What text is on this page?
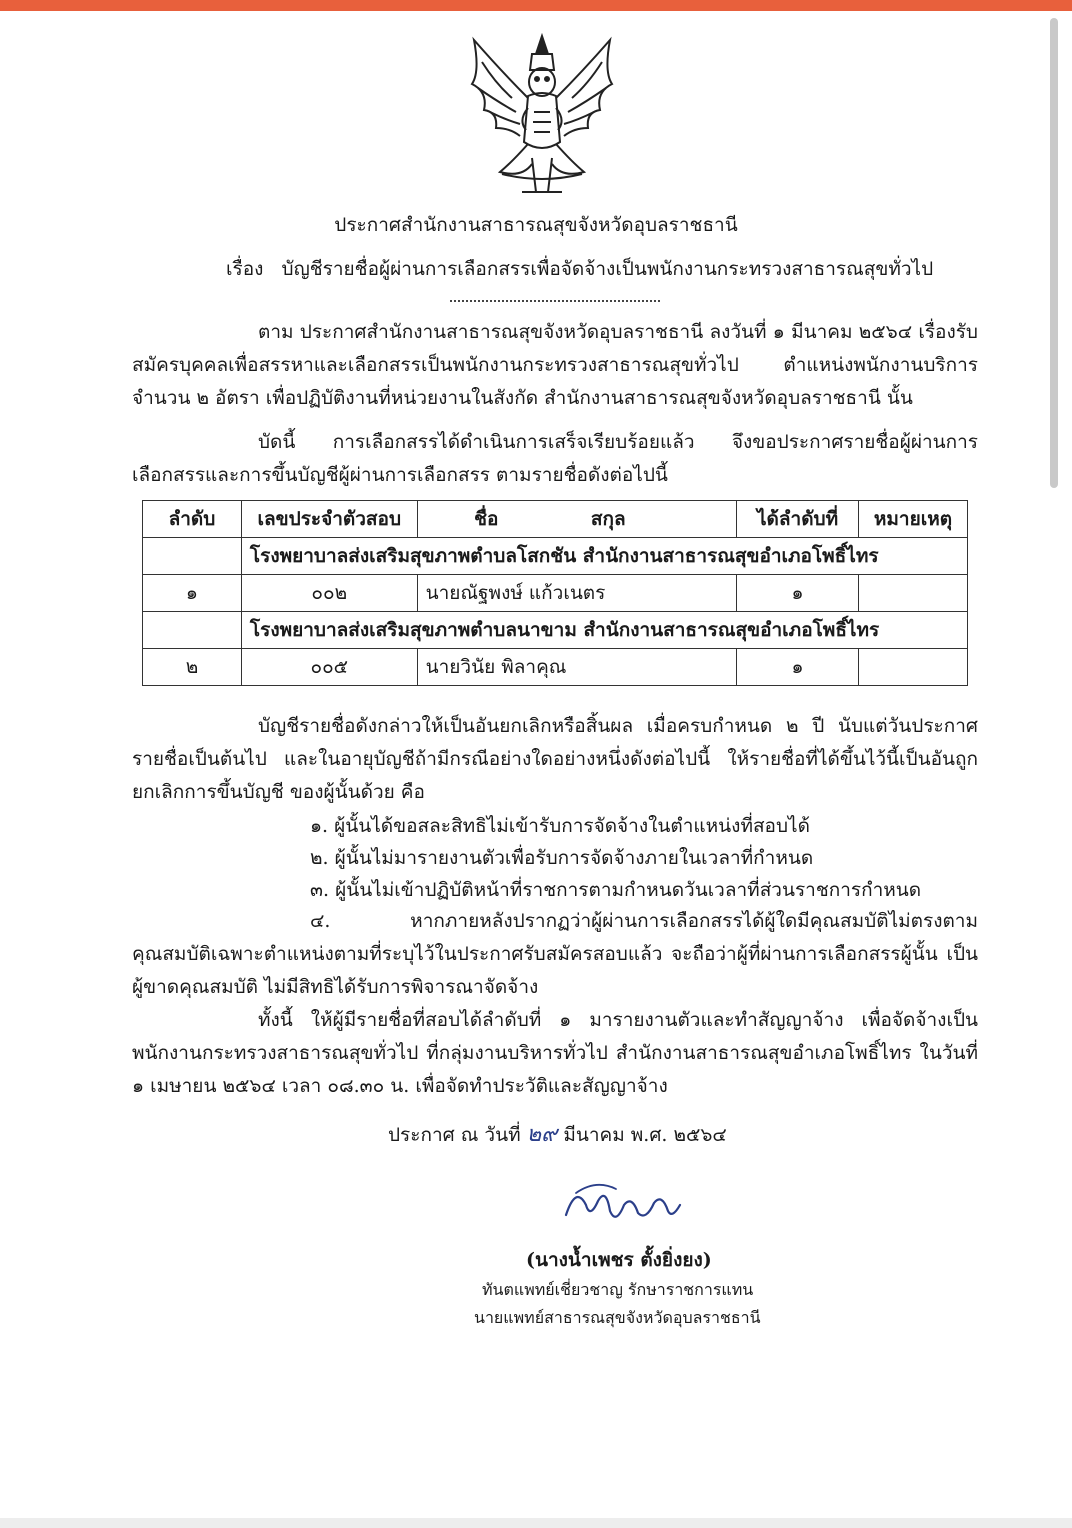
ประกาศสำนักงานสาธารณสุขจังหวัดอุบลราชธานี
เรื่อง บัญชีรายชื่อผู้ผ่านการเลือกสรรเพื่อจัดจ้างเป็นพนักงานกระทรวงสาธารณสุขทั่วไป
ตาม ประกาศสำนักงานสาธารณสุขจังหวัดอุบลราชธานี ลงวันที่ ๑ มีนาคม ๒๕๖๔ เรื่องรับสมัครบุคคลเพื่อสรรหาและเลือกสรรเป็นพนักงานกระทรวงสาธารณสุขทั่วไป ตำแหน่งพนักงานบริการ จำนวน ๒ อัตรา เพื่อปฏิบัติงานที่หน่วยงานในสังกัด สำนักงานสาธารณสุขจังหวัดอุบลราชธานี นั้น
บัดนี้ การเลือกสรรได้ดำเนินการเสร็จเรียบร้อยแล้ว จึงขอประกาศรายชื่อผู้ผ่านการเลือกสรรและการขึ้นบัญชีผู้ผ่านการเลือกสรร ตามรายชื่อดังต่อไปนี้
ลำดับ	เลขประจำตัวสอบ	ชื่อ	สกุล	ได้ลำดับที่	หมายเหตุ
	โรงพยาบาลส่งเสริมสุขภาพตำบลโสกชัน สำนักงานสาธารณสุขอำเภอโพธิ์ไทร				
๑	๐๐๒	นายณัฐพงษ์ แก้วเนตร		๑	
	โรงพยาบาลส่งเสริมสุขภาพตำบลนาขาม สำนักงานสาธารณสุขอำเภอโพธิ์ไทร				
๒	๐๐๕	นายวินัย พิลาคุณ		๑	
บัญชีรายชื่อดังกล่าวให้เป็นอันยกเลิกหรือสิ้นผล เมื่อครบกำหนด ๒ ปี นับแต่วันประกาศรายชื่อเป็นต้นไป และในอายุบัญชีถ้ามีกรณีอย่างใดอย่างหนึ่งดังต่อไปนี้ ให้รายชื่อที่ได้ขึ้นไว้นี้เป็นอันถูกยกเลิกการขึ้นบัญชี ของผู้นั้นด้วย คือ
๑. ผู้นั้นได้ขอสละสิทธิไม่เข้ารับการจัดจ้างในตำแหน่งที่สอบได้
๒. ผู้นั้นไม่มารายงานตัวเพื่อรับการจัดจ้างภายในเวลาที่กำหนด
๓. ผู้นั้นไม่เข้าปฏิบัติหน้าที่ราชการตามกำหนดวันเวลาที่ส่วนราชการกำหนด
๔. หากภายหลังปรากฏว่าผู้ผ่านการเลือกสรรได้ผู้ใดมีคุณสมบัติไม่ตรงตามคุณสมบัติเฉพาะตำแหน่งตามที่ระบุไว้ในประกาศรับสมัครสอบแล้ว จะถือว่าผู้ที่ผ่านการเลือกสรรผู้นั้น เป็นผู้ขาดคุณสมบัติ ไม่มีสิทธิได้รับการพิจารณาจัดจ้าง
ทั้งนี้ ให้ผู้มีรายชื่อที่สอบได้ลำดับที่ ๑ มารายงานตัวและทำสัญญาจ้าง เพื่อจัดจ้างเป็นพนักงานกระทรวงสาธารณสุขทั่วไป ที่กลุ่มงานบริหารทั่วไป สำนักงานสาธารณสุขอำเภอโพธิ์ไทร ในวันที่ ๑ เมษายน ๒๕๖๔ เวลา ๐๘.๓๐ น. เพื่อจัดทำประวัติและสัญญาจ้าง
ประกาศ ณ วันที่ ๒๙ มีนาคม พ.ศ. ๒๕๖๔
(นางน้ำเพชร ตั้งยิ่งยง)
ทันตแพทย์เชี่ยวชาญ รักษาราชการแทน
นายแพทย์สาธารณสุขจังหวัดอุบลราชธานี
